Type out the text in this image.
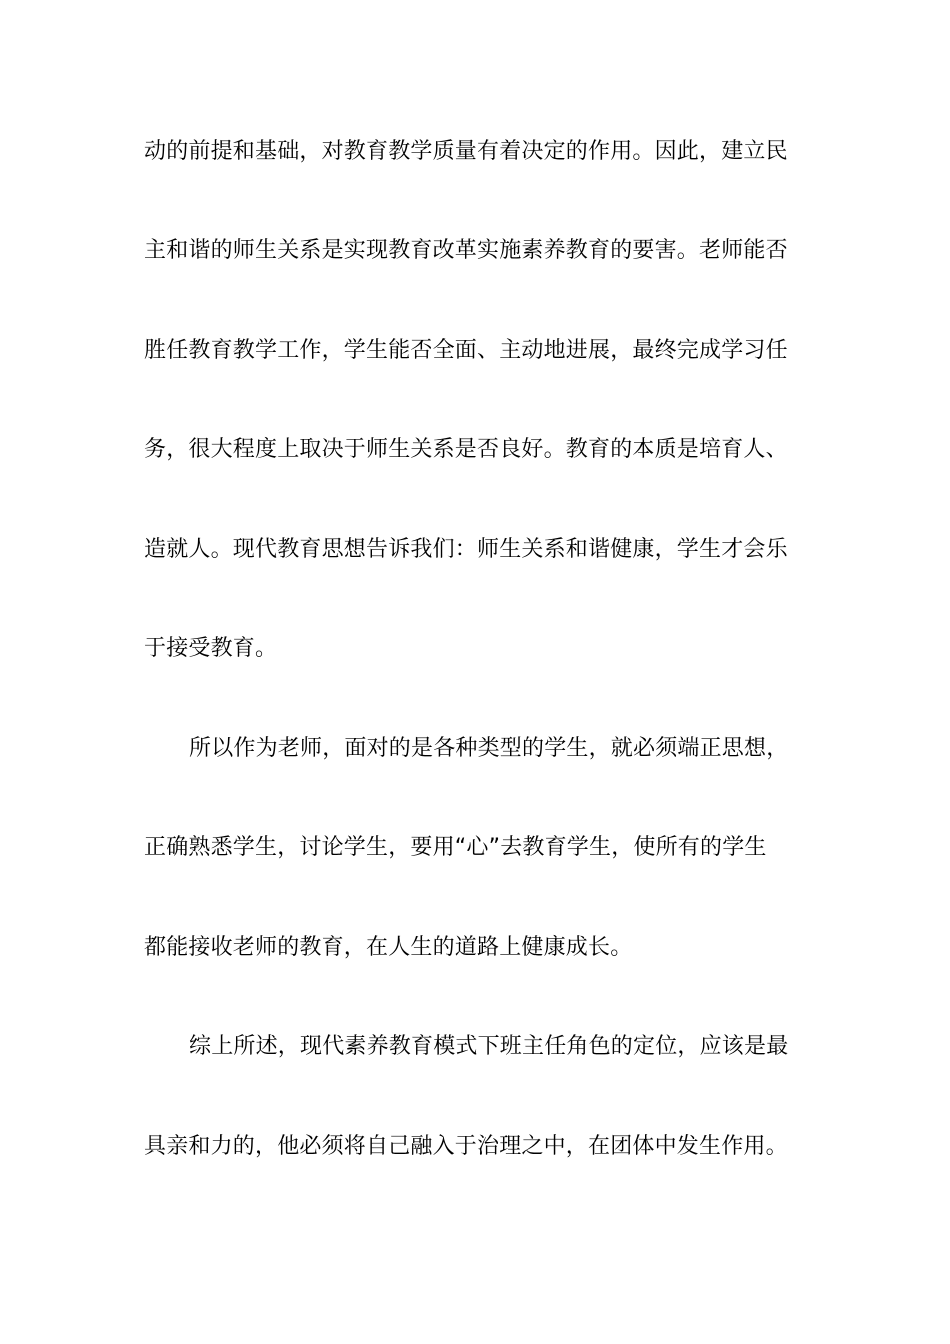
动的前提和基础，对教育教学质量有着决定的作用。因此，建立民
主和谐的师生关系是实现教育改革实施素养教育的要害。老师能否
胜任教育教学工作，学生能否全面、主动地进展，最终完成学习任
务，很大程度上取决于师生关系是否良好。教育的本质是培育人、
造就人。现代教育思想告诉我们：师生关系和谐健康，学生才会乐
于接受教育。
所以作为老师，面对的是各种类型的学生，就必须端正思想，
正确熟悉学生，讨论学生，要用“心”去教育学生，使所有的学生
都能接收老师的教育，在人生的道路上健康成长。
综上所述，现代素养教育模式下班主任角色的定位，应该是最
具亲和力的，他必须将自己融入于治理之中，在团体中发生作用。
